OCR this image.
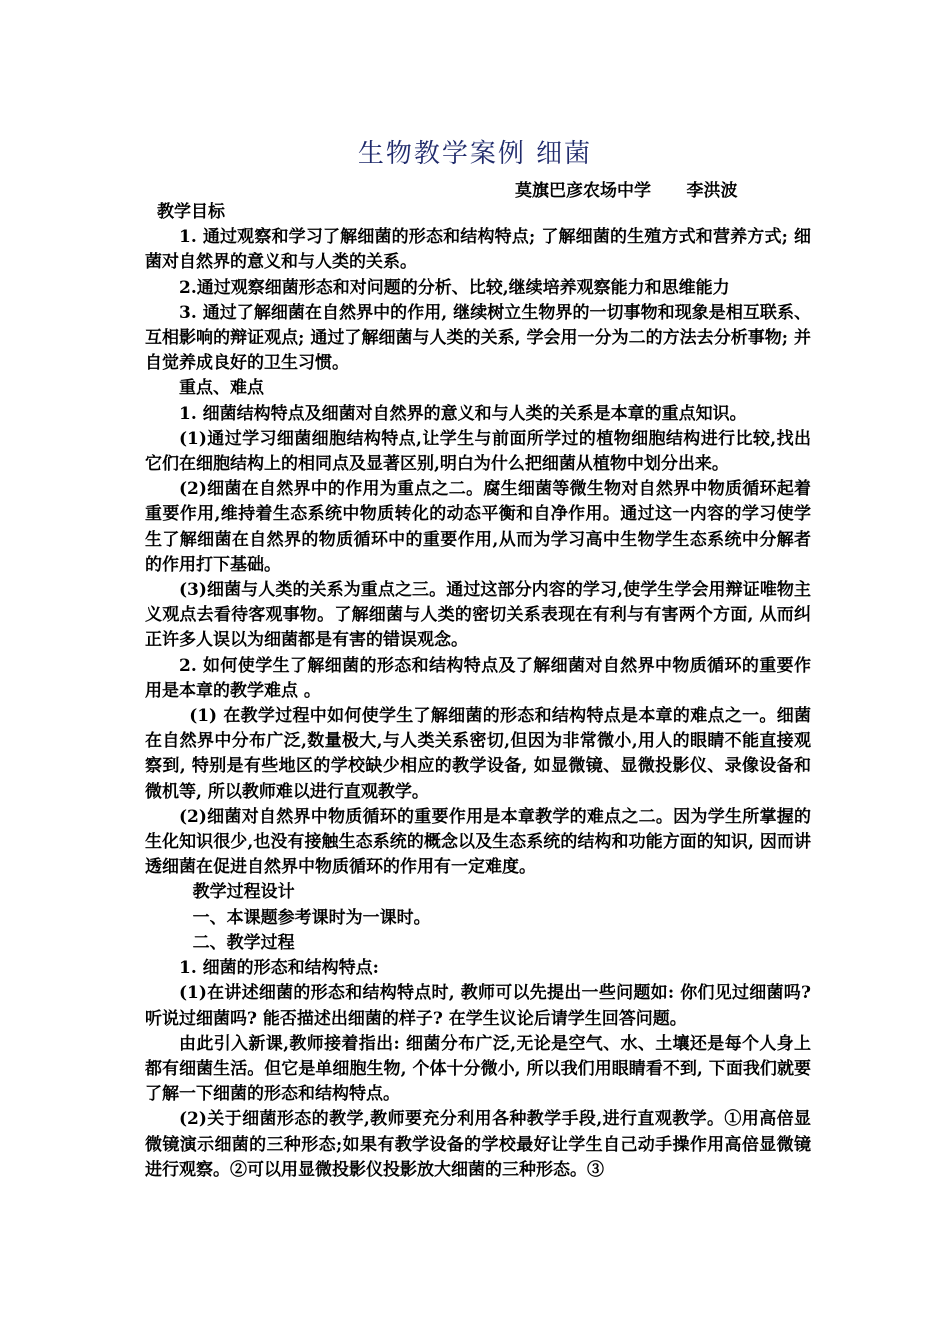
生物教学案例 细菌
莫旗巴彦农场中学      李洪波

教学目标

1. 通过观察和学习了解细菌的形态和结构特点; 了解细菌的生殖方式和营养方式; 细菌对自然界的意义和与人类的关系。

2.通过观察细菌形态和对问题的分析、比较,继续培养观察能力和思维能力

3. 通过了解细菌在自然界中的作用, 继续树立生物界的一切事物和现象是相互联系、互相影响的辩证观点; 通过了解细菌与人类的关系, 学会用一分为二的方法去分析事物; 并自觉养成良好的卫生习惯。

重点、难点

1. 细菌结构特点及细菌对自然界的意义和与人类的关系是本章的重点知识。

(1)通过学习细菌细胞结构特点,让学生与前面所学过的植物细胞结构进行比较,找出它们在细胞结构上的相同点及显著区别,明白为什么把细菌从植物中划分出来。

(2)细菌在自然界中的作用为重点之二。腐生细菌等微生物对自然界中物质循环起着重要作用,维持着生态系统中物质转化的动态平衡和自净作用。通过这一内容的学习使学生了解细菌在自然界的物质循环中的重要作用,从而为学习高中生物学生态系统中分解者的作用打下基础。

(3)细菌与人类的关系为重点之三。通过这部分内容的学习,使学生学会用辩证唯物主义观点去看待客观事物。了解细菌与人类的密切关系表现在有利与有害两个方面, 从而纠正许多人误以为细菌都是有害的错误观念。

2. 如何使学生了解细菌的形态和结构特点及了解细菌对自然界中物质循环的重要作用是本章的教学难点 。

(1) 在教学过程中如何使学生了解细菌的形态和结构特点是本章的难点之一。细菌在自然界中分布广泛,数量极大,与人类关系密切,但因为非常微小,用人的眼睛不能直接观察到, 特别是有些地区的学校缺少相应的教学设备, 如显微镜、显微投影仪、录像设备和微机等, 所以教师难以进行直观教学。

(2)细菌对自然界中物质循环的重要作用是本章教学的难点之二。因为学生所掌握的生化知识很少,也没有接触生态系统的概念以及生态系统的结构和功能方面的知识, 因而讲透细菌在促进自然界中物质循环的作用有一定难度。

教学过程设计

一、本课题参考课时为一课时。

二、教学过程

1. 细菌的形态和结构特点:

(1)在讲述细菌的形态和结构特点时, 教师可以先提出一些问题如: 你们见过细菌吗? 听说过细菌吗? 能否描述出细菌的样子? 在学生议论后请学生回答问题。

由此引入新课,教师接着指出: 细菌分布广泛,无论是空气、水、土壤还是每个人身上都有细菌生活。但它是单细胞生物, 个体十分微小, 所以我们用眼睛看不到, 下面我们就要了解一下细菌的形态和结构特点。

(2)关于细菌形态的教学,教师要充分利用各种教学手段,进行直观教学。①用高倍显微镜演示细菌的三种形态;如果有教学设备的学校最好让学生自己动手操作用高倍显微镜进行观察。②可以用显微投影仪投影放大细菌的三种形态。③
